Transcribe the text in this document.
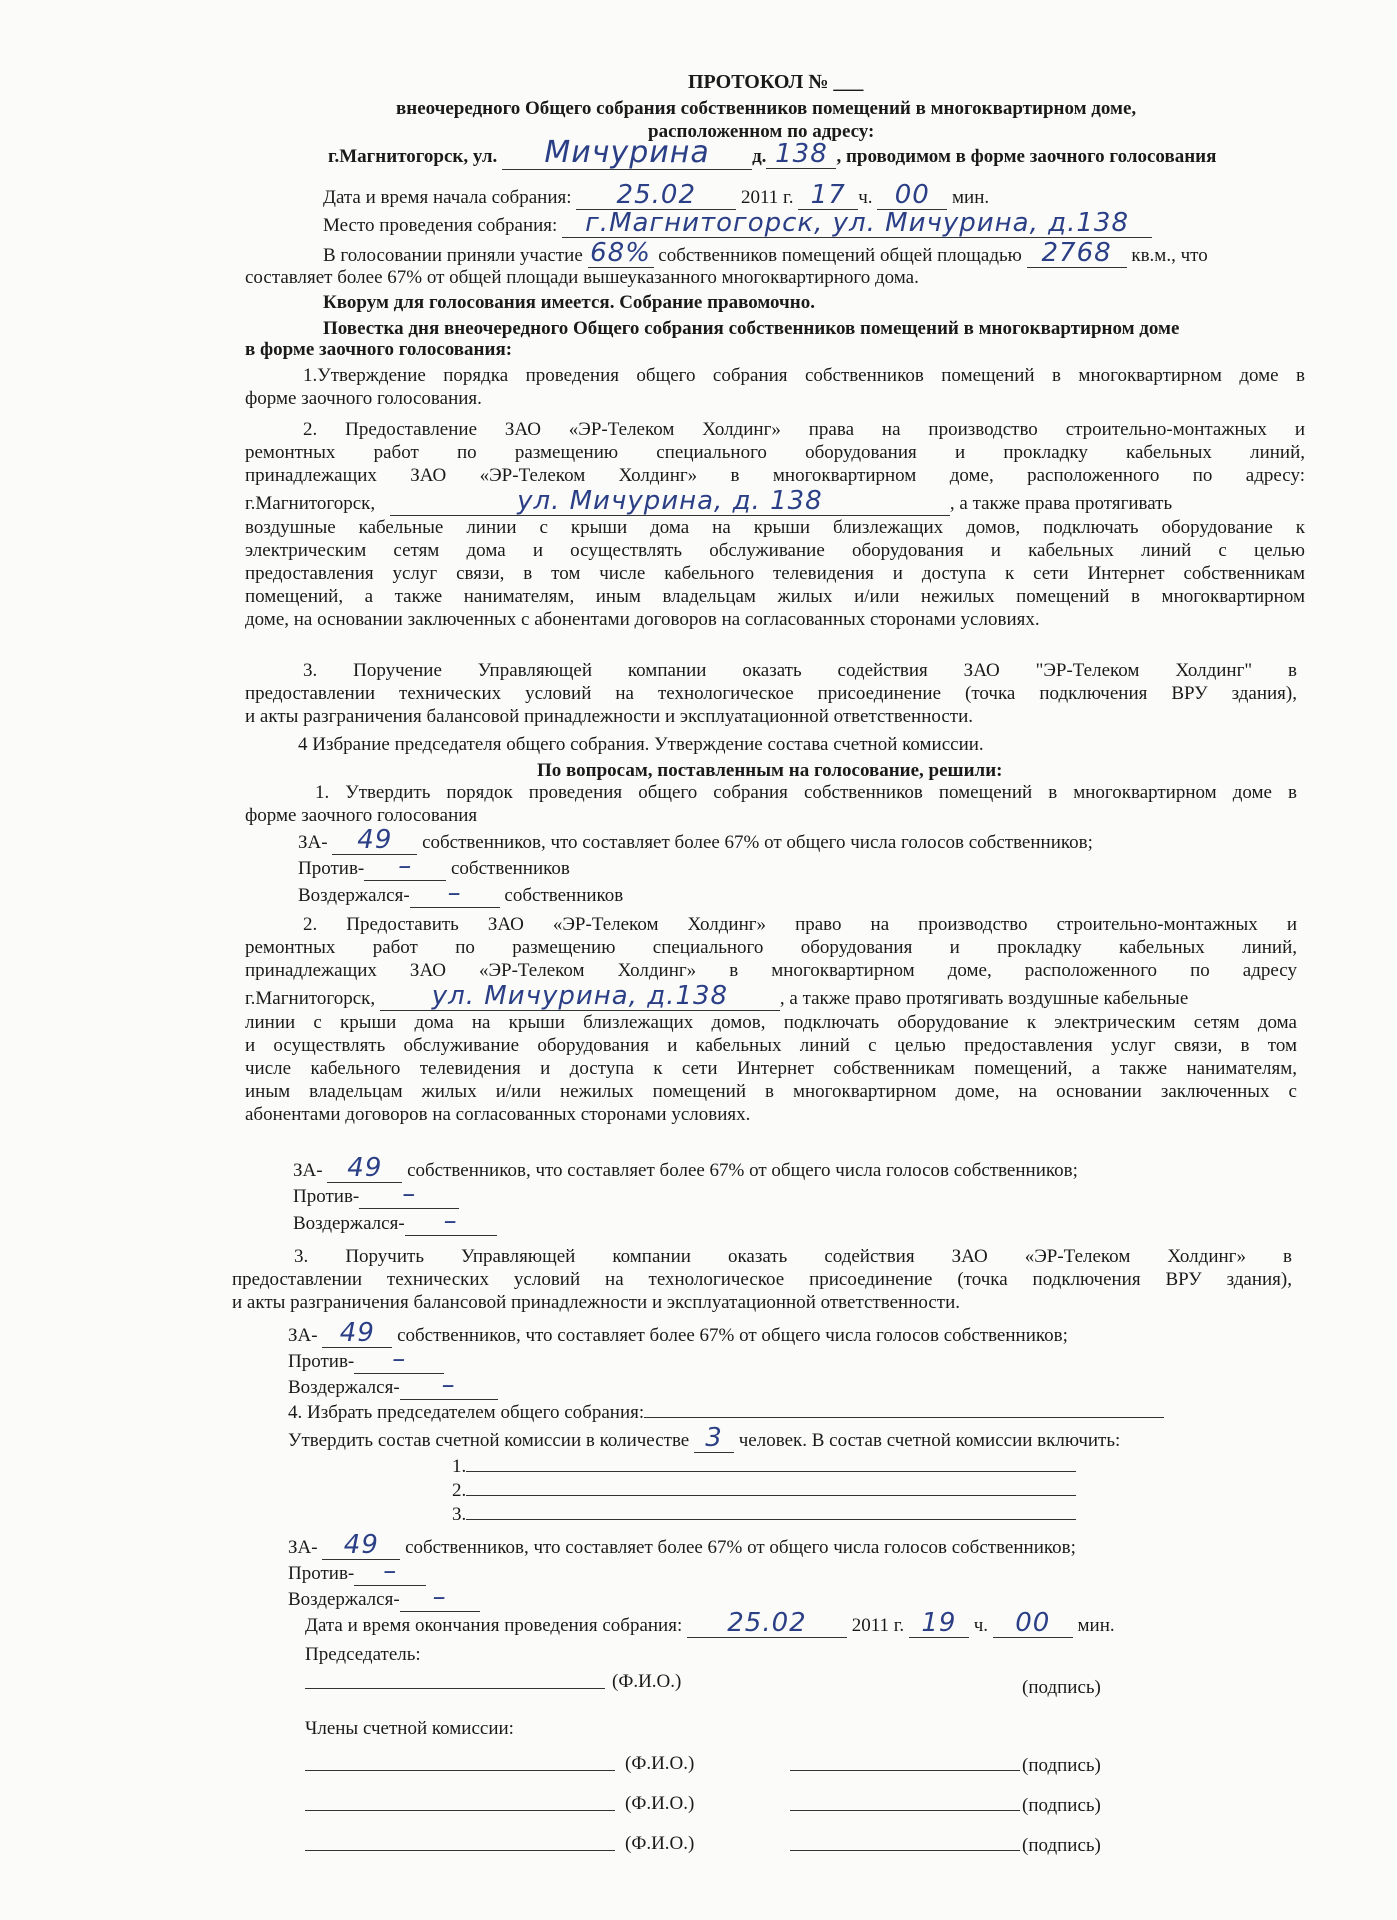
ПРОТОКОЛ № ___
внеочередного Общего собрания собственников помещений в многоквартирном доме,
расположенном по адресу:
г.Магнитогорск, ул. Мичурина д. 138 , проводимом в форме заочного голосования
Дата и время начала собрания: 25.02 2011 г. 17 ч. 00 мин.
Место проведения собрания: г.Магнитогорск, ул. Мичурина, д.138
В голосовании приняли участие 68% собственников помещений общей площадью 2768 кв.м., что
составляет более 67% от общей площади вышеуказанного многоквартирного дома.
Кворум для голосования имеется. Собрание правомочно.
Повестка дня внеочередного Общего собрания собственников помещений в многоквартирном доме
в форме заочного голосования:
1.Утверждение порядка проведения общего собрания собственников помещений в многоквартирном доме в
форме заочного голосования.
2. Предоставление ЗАО «ЭР-Телеком Холдинг» права на производство строительно-монтажных и
ремонтных работ по размещению специального оборудования и прокладку кабельных линий,
принадлежащих ЗАО «ЭР-Телеком Холдинг» в многоквартирном доме, расположенного по адресу:
г.Магнитогорск,	ул. Мичурина, д. 138	, а также права протягивать
воздушные кабельные линии с крыши дома на крыши близлежащих домов, подключать оборудование к
электрическим сетям дома и осуществлять обслуживание оборудования и кабельных линий с целью
предоставления услуг связи, в том числе кабельного телевидения и доступа к сети Интернет собственникам
помещений, а также нанимателям, иным владельцам жилых и/или нежилых помещений в многоквартирном
доме, на основании заключенных с абонентами договоров на согласованных сторонами условиях.
3. Поручение Управляющей компании оказать содействия ЗАО "ЭР-Телеком Холдинг" в
предоставлении технических условий на технологическое присоединение (точка подключения ВРУ здания),
и акты разграничения балансовой принадлежности и эксплуатационной ответственности.
4 Избрание председателя общего собрания. Утверждение состава счетной комиссии.
По вопросам, поставленным на голосование, решили:
1. Утвердить порядок проведения общего собрания собственников помещений в многоквартирном доме в
форме заочного голосования
ЗА- 49 собственников, что составляет более 67% от общего числа голосов собственников;
Против- – собственников
Воздержался- – собственников
2. Предоставить ЗАО «ЭР-Телеком Холдинг» право на производство строительно-монтажных и
ремонтных работ по размещению специального оборудования и прокладку кабельных линий,
принадлежащих ЗАО «ЭР-Телеком Холдинг» в многоквартирном доме, расположенного по адресу
г.Магнитогорск, ул. Мичурина, д.138	, а также право протягивать воздушные кабельные
линии с крыши дома на крыши близлежащих домов, подключать оборудование к электрическим сетям дома
и осуществлять обслуживание оборудования и кабельных линий с целью предоставления услуг связи, в том
числе кабельного телевидения и доступа к сети Интернет собственникам помещений, а также нанимателям,
иным владельцам жилых и/или нежилых помещений в многоквартирном доме, на основании заключенных с
абонентами договоров на согласованных сторонами условиях.
ЗА- 49 собственников, что составляет более 67% от общего числа голосов собственников;
Против- –
Воздержался- –
3. Поручить Управляющей компании оказать содействия ЗАО «ЭР-Телеком Холдинг» в
предоставлении технических условий на технологическое присоединение (точка подключения ВРУ здания),
и акты разграничения балансовой принадлежности и эксплуатационной ответственности.
ЗА- 49 собственников, что составляет более 67% от общего числа голосов собственников;
Против- –
Воздержался- –
4. Избрать председателем общего собрания:
Утвердить состав счетной комиссии в количестве 3 человек. В состав счетной комиссии включить:
1.
2.
3.
ЗА- 49 собственников, что составляет более 67% от общего числа голосов собственников;
Против- –
Воздержался- –
Дата и время окончания проведения собрания: 25.02 2011 г. 19 ч. 00 мин.
Председатель:
(Ф.И.О.)	(подпись)
Члены счетной комиссии:
(Ф.И.О.)	(подпись)
(Ф.И.О.)	(подпись)
(Ф.И.О.)	(подпись)
